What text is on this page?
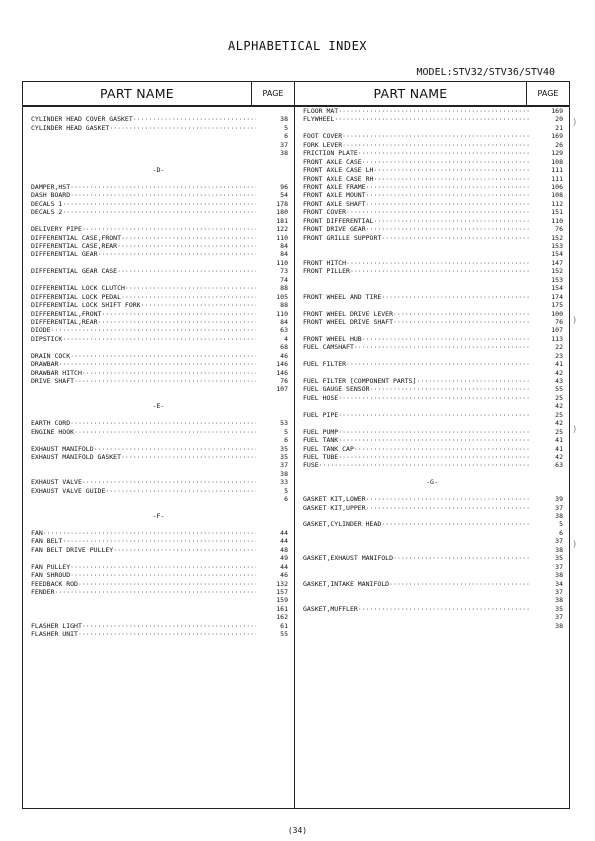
ALPHABETICAL INDEX
MODEL:STV32/STV36/STV40
PART NAME	PAGE
CYLINDER HEAD COVER GASKET ·····	38
CYLINDER HEAD GASKET ·····	5
6
37
38
-D-
DAMPER,HST ·····	96
DASH BOARD ·····	54
DECALS 1 ·····	178
DECALS 2 ·····	180
181
DELIVERY PIPE ·····	122
DIFFERENTIAL CASE,FRONT ·····	110
DIFFERENTIAL CASE,REAR ·····	84
DIFFERENTIAL GEAR ·····	84
110
DIFFERENTIAL GEAR CASE ·····	73
74
DIFFERENTIAL LOCK CLUTCH ·····	88
DIFFERENTIAL LOCK PEDAL ·····	105
DIFFERENTIAL LOCK SHIFT FORK ·····	88
DIFFERENTIAL,FRONT ·····	110
DIFFERENTIAL,REAR ·····	84
DIODE ·····	63
DIPSTICK ·····	4
68
DRAIN COCK ·····	46
DRAWBAR ·····	146
DRAWBAR HITCH ·····	146
DRIVE SHAFT ·····	76
107
-E-
EARTH CORD ·····	53
ENGINE HOOK ·····	5
6
EXHAUST MANIFOLD ·····	35
EXHAUST MANIFOLD GASKET ·····	35
37
38
EXHAUST VALVE ·····	33
EXHAUST VALVE GUIDE ·····	5
6
-F-
FAN ·····	44
FAN BELT ·····	44
FAN BELT DRIVE PULLEY ·····	48
49
FAN PULLEY ·····	44
FAN SHROUD ·····	46
FEEDBACK ROD ·····	132
FENDER ·····	157
159
161
162
FLASHER LIGHT ·····	61
FLASHER UNIT ·····	55
PART NAME	PAGE
FLOOR MAT ·····	169
FLYWHEEL ·····	20
21
FOOT COVER ·····	169
FORK LEVER ·····	26
FRICTION PLATE ·····	129
FRONT AXLE CASE ·····	108
FRONT AXLE CASE LH ·····	111
FRONT AXLE CASE RH ·····	111
FRONT AXLE FRAME ·····	106
FRONT AXLE MOUNT ·····	108
FRONT AXLE SHAFT ·····	112
FRONT COVER ·····	151
FRONT DIFFERENTIAL ·····	110
FRONT DRIVE GEAR ·····	76
FRONT GRILLE SUPPORT ·····	152
153
154
FRONT HITCH ·····	147
FRONT PILLER ·····	152
153
154
FRONT WHEEL AND TIRE ·····	174
175
FRONT WHEEL DRIVE LEVER ·····	100
FRONT WHEEL DRIVE SHAFT ·····	76
107
FRONT WHEEL HUB ·····	113
FUEL CAMSHAFT ·····	22
23
FUEL FILTER ·····	41
42
FUEL FILTER [COMPONENT PARTS] ·····	43
FUEL GAUGE SENSOR ·····	55
FUEL HOSE ·····	25
42
FUEL PIPE ·····	25
42
FUEL PUMP ·····	25
FUEL TANK ·····	41
FUEL TANK CAP ·····	41
FUEL TUBE ·····	42
FUSE ·····	63
-G-
GASKET KIT,LOWER ·····	39
GASKET KIT,UPPER ·····	37
38
GASKET,CYLINDER HEAD ·····	5
6
37
38
GASKET,EXHAUST MANIFOLD ·····	35
37
38
GASKET,INTAKE MANIFOLD ·····	34
37
38
GASKET,MUFFLER ·····	35
37
38
(34)
)
)
)
)
